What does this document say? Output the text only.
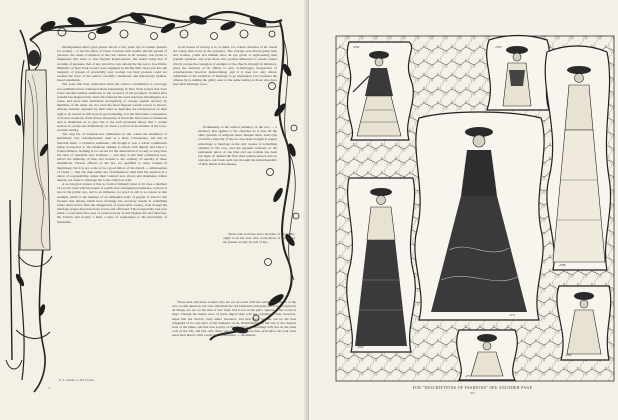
Distinguished editor goes greater allows a few years ago in certain quarters for waxing ... to use the effect of lower. Contrast with wealth, that the pursuit of pleasure, the usual occupation of the rich classes in all nations, was prone to degenerate into more or less flagrant licentiousness, the tenant being that of worship of pleasure, that of any attractive way among the last ten to free limits. Members of New York society were negligent in having their views put into the ranguary of present of powerfully easy women, but their protests could not weaken the force of the editor's carefully considered, and historically fashion-based statements.

The years that have intervened since the writer's contribution to sociology was published have witnessed many happenings in New York society that have borne incontrovertible testimony to the accuracy of his prophecy. Scandal after scandal has disgraced the land and rendered the word marriage meaningless in a sense, and more than individual wrongdoing or outrage against decency by members of the smart set, not even the most flagrant wealth society is known. Among fortunes regarded by their ideal as depicting the transgressors of their right to be treated as still in good good standing, it is the noticeable consequence of frozen violations of the honor and purity of the home have been so numerous and so shameless as to give rise to the well grounded theory that a certain section of society has deliberately set about a revival of the dramas of the forty-seventh century.

The long list of scandals has culminated in one, where the institution of matrimony was contemptuously used as a mere convenience, and this in indecent haste, a Christian sentiment, and though it was a whole communion being accessories to the infamous attempt to invest with dignity and honor a fouled alliance. Nothing is too sacred for the desecration of society so long have the rules of standards now standard — and only at last their ordinances now, before the infidelity of men and women to the ordinary of sanctity of these institutions. Various officers of the law are qualified to order couples in matrimony, but it is not a rule to be a good fellow of the church — ambassadors of Christ — that any man under any circumstances shall lend his sanction to a union of responsibility, where their contract now allows and shameless crimes therein, not alone to marriage but to the church as well.

A sociological review is that no form of himself, least of all does a member of a social caste which because of wealth and consequent prominence, is more or less in the public eye, and is an influence for good or evil is so potent as that example which is the member of an influential body of people. It follows that because this among which have marriage has secretary results in something rarely more severe than the disapproval of respectable society, even though the marriage proper may have been severe and officiated. This is especially true now when a conscience-free year of praise bravely in this highest life and therefore, the Church and society a meet a state of wantonness to the knowledge of thousands.

is all classes of society, it is, at times, too, whose churches of all creeds are losing their hold on the populace. The average non-church-going man and woman, youth and maiden have an eye given to sight-seeing than popular opinions, and even those who profess adherence to creeds cannot wholly escape the contagion of example of the church, through its ministers, gives the sanction of its offices to easy re-marriages, irrespective of considerations however demoralizing, and if it does not only allows infidelities of the sacrifices of marriage to go unrebuked, but condones the offense by re-uniting the guilty ones to the same feeling as those who have kept their marriage vows.

Prominently is the natural tendency of the two — a tendency that applies to the churches as it does all the other systems of religious tenet. Despite them, each type of sinful a majority of the two has been brought to regard remarriage or marriage as the only avenue of something valuable to the race, and the supreme interests of the permanent union of one man and one woman has been lost sight of. Indeed the first shalt remain unwed, and no tolerance can break such ties through the instrumentality of little minds in the disease.

Those who hold the strict doctrine of the family ought to be the ones who could know of tenants of the greater society by rich of law.

Those men and these women who are not in touch with the advanced position of the race on this question, but who still think the old-fashioned principles are to be accepted in all things, are not on the side of law: their fold is not in the pub's opinion of the world at large. Though the matter were of grave import they will not consider. It does, however, mean that the church, even under tolerance, and that these women can be the best safeguard of its own laws of the domestic circle. Rehabilitating is but one of the clearest tests of the times, and that true loyalty of the church to its teachings will rest on the solid rock of the life, and that only those who hold the highest-class principles can look back upon their history with a well-lived conscience. — thousands.

N. L. Stobbs, in The Forum.
4
4762	4790
4768
4769
4771
4764
4772
FOR "DESCRIPTIONS OF FASHIONS" SEE ANOTHER PAGE
303
